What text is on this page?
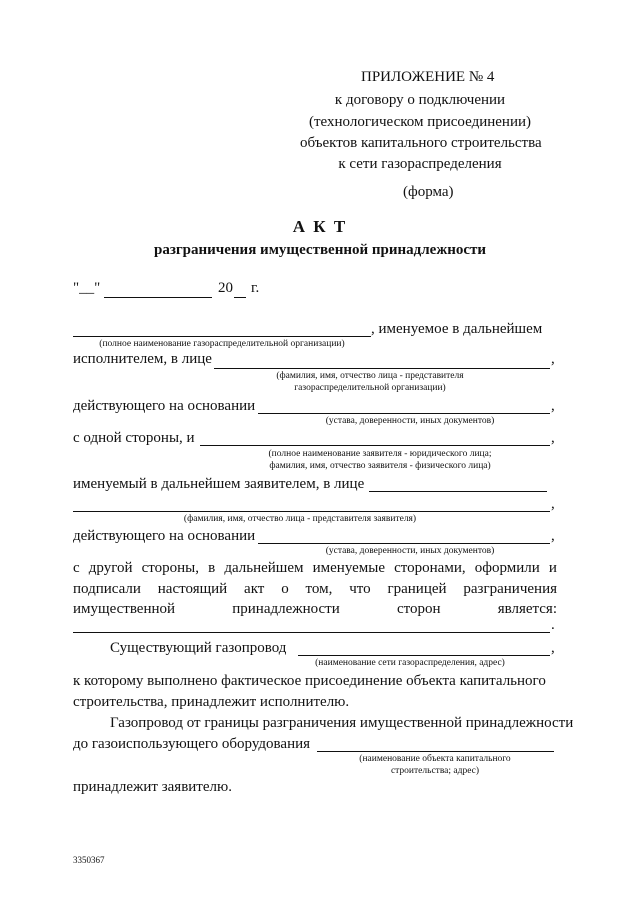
ПРИЛОЖЕНИЕ № 4
к договору о подключении
(технологическом присоединении)
объектов капитального строительства
к сети газораспределения
(форма)
А К Т
разграничения имущественной принадлежности
"__"	20 г.
, именуемое в дальнейшем
(полное наименование газораспределительной организации)
исполнителем, в лице	,
(фамилия, имя, отчество лица - представителя
газораспределительной организации)
действующего на основании	,
(устава, доверенности, иных документов)
с одной стороны, и	,
(полное наименование заявителя - юридического лица;
фамилия, имя, отчество заявителя - физического лица)
именуемый в дальнейшем заявителем, в лице
,
(фамилия, имя, отчество лица - представителя заявителя)
действующего на основании	,
(устава, доверенности, иных документов)
с другой стороны, в дальнейшем именуемые сторонами, оформили и
подписали настоящий акт о том, что границей разграничения
имущественной	принадлежности	сторон	является:
.
Существующий газопровод	,
(наименование сети газораспределения, адрес)
к которому выполнено фактическое присоединение объекта капитального
строительства, принадлежит исполнителю.
Газопровод от границы разграничения имущественной принадлежности
до газоиспользующего оборудования
(наименование объекта капитального
строительства; адрес)
принадлежит заявителю.
3350367
